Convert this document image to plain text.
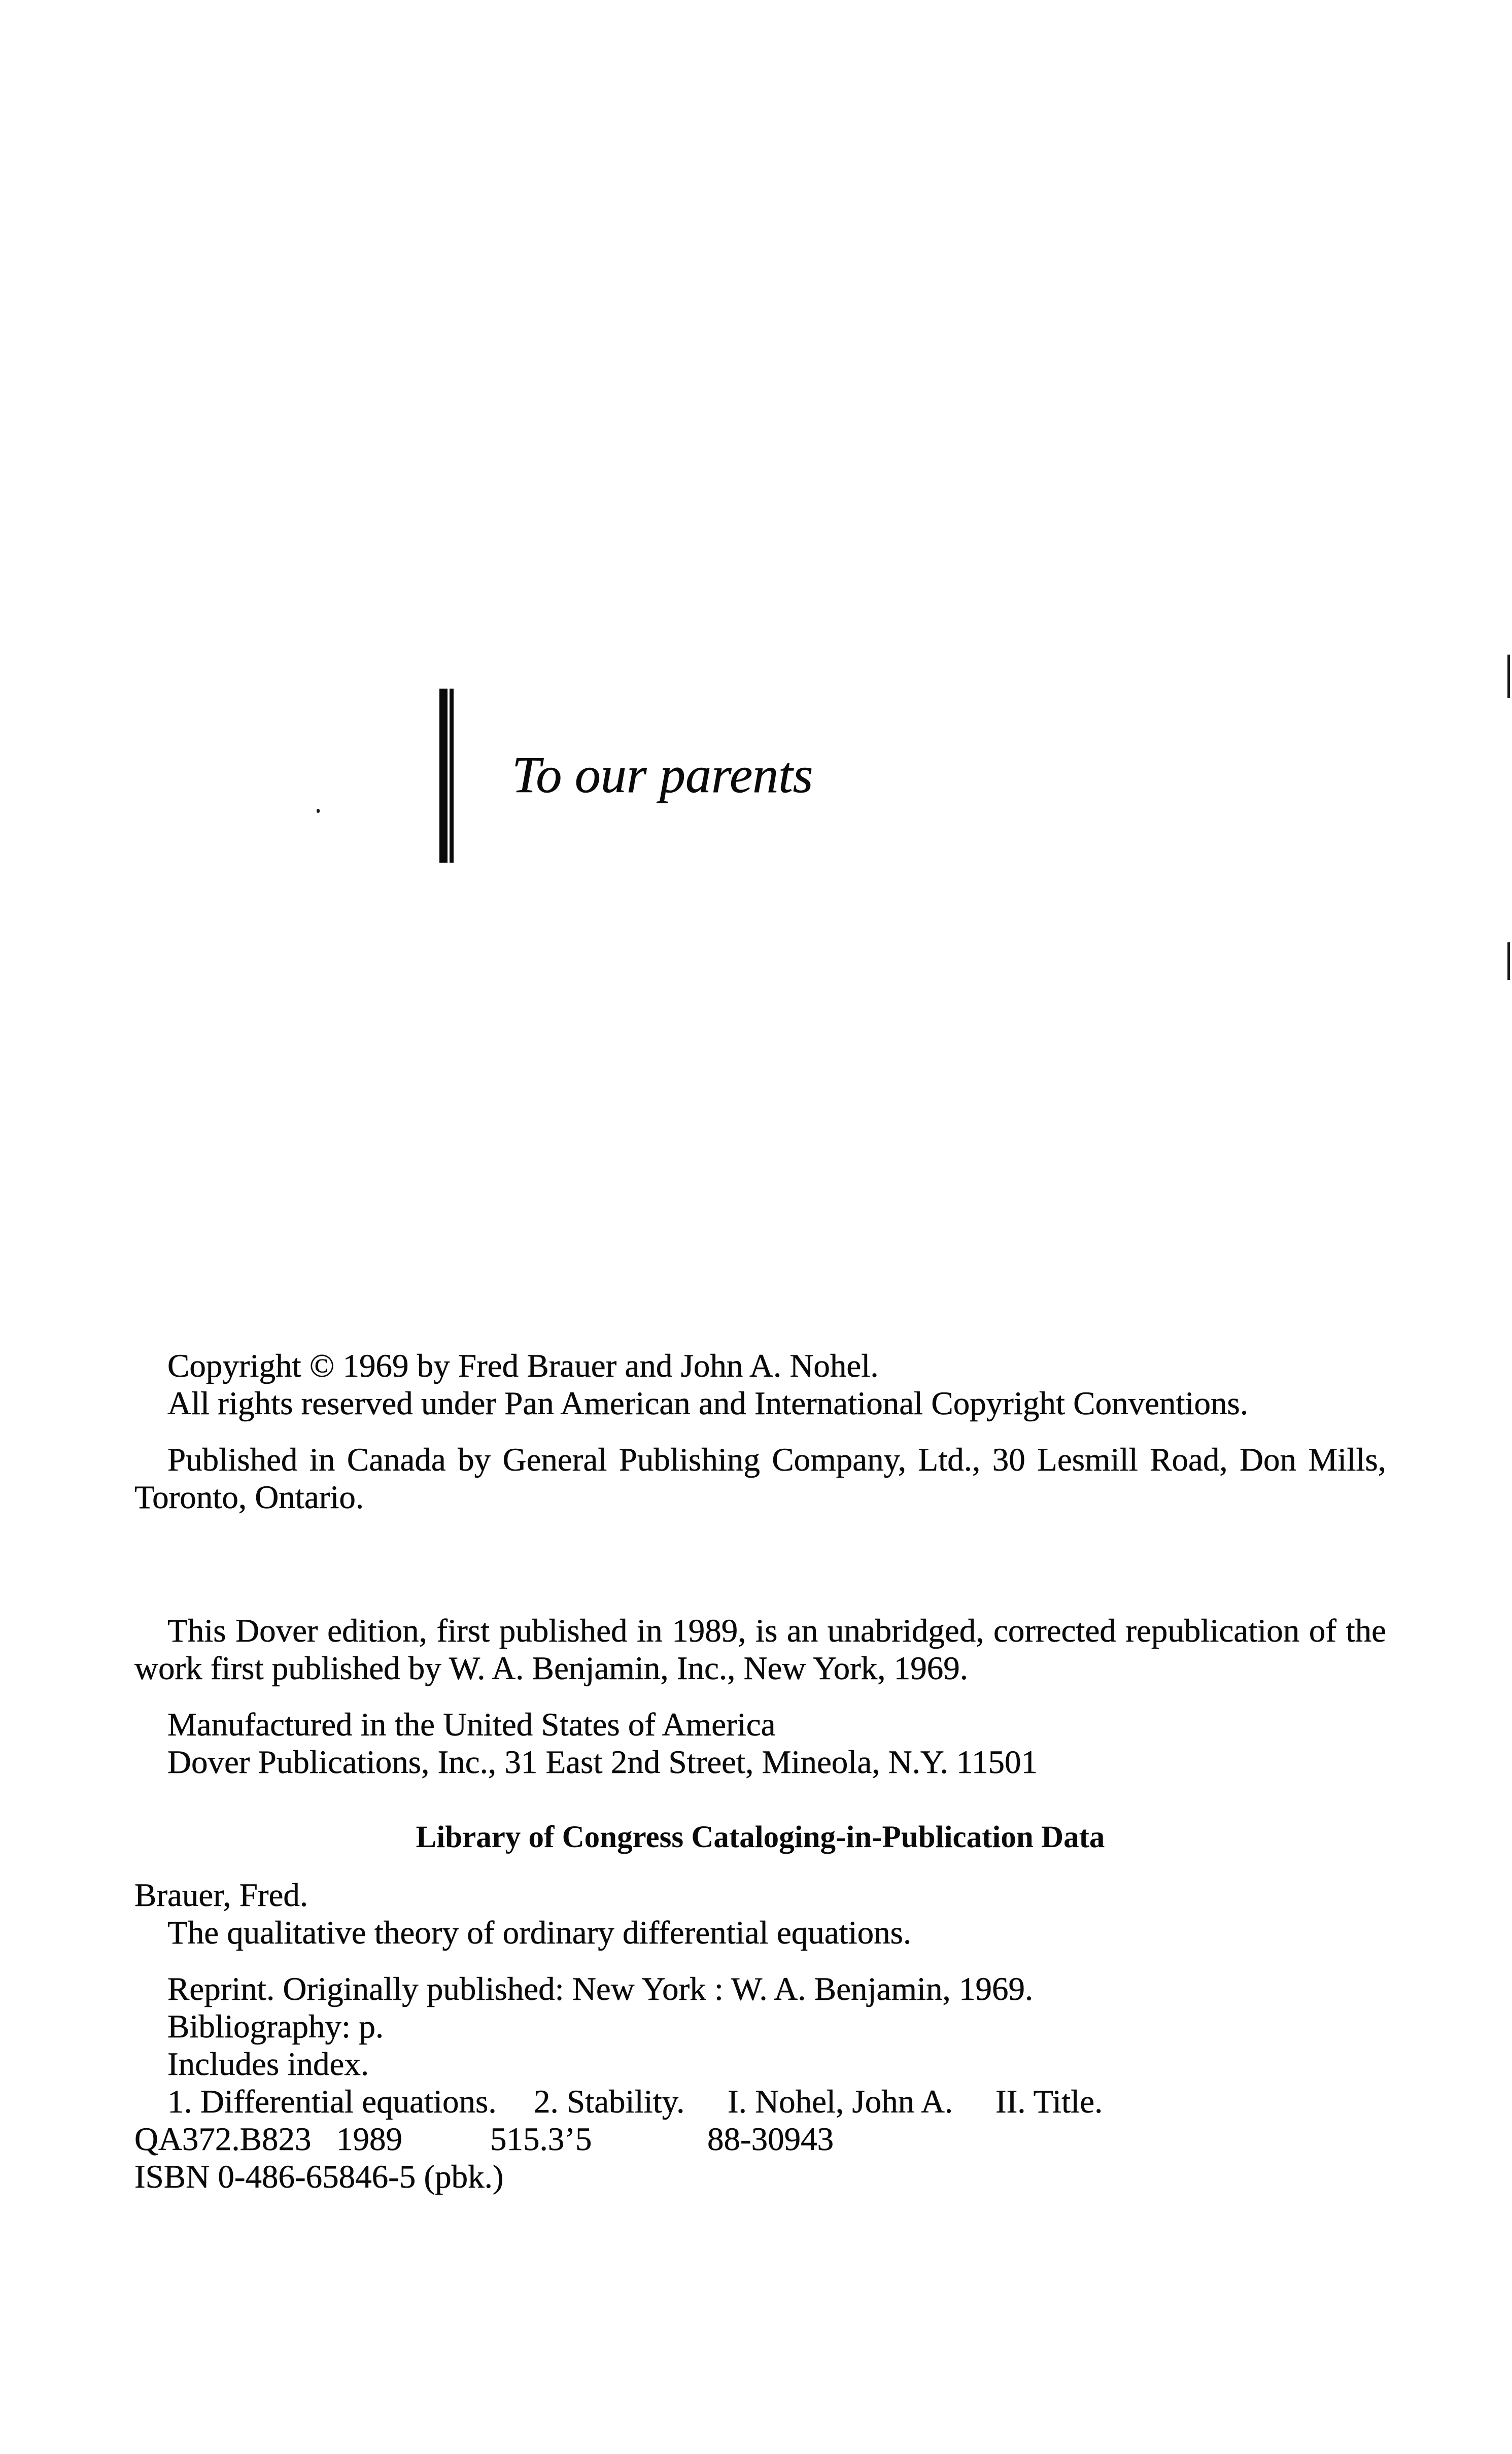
To our parents
Copyright © 1969 by Fred Brauer and John A. Nohel.
All rights reserved under Pan American and International Copyright Conventions.
Published in Canada by General Publishing Company, Ltd., 30 Lesmill Road, Don Mills,
Toronto, Ontario.
This Dover edition, first published in 1989, is an unabridged, corrected republication of the
work first published by W. A. Benjamin, Inc., New York, 1969.
Manufactured in the United States of America
Dover Publications, Inc., 31 East 2nd Street, Mineola, N.Y. 11501
Library of Congress Cataloging-in-Publication Data
Brauer, Fred.
The qualitative theory of ordinary differential equations.
Reprint. Originally published: New York : W. A. Benjamin, 1969.
Bibliography: p.
Includes index.
1. Differential equations. 2. Stability. I. Nohel, John A. II. Title.
QA372.B823 1989	515.3’5	88-30943
ISBN 0-486-65846-5 (pbk.)
